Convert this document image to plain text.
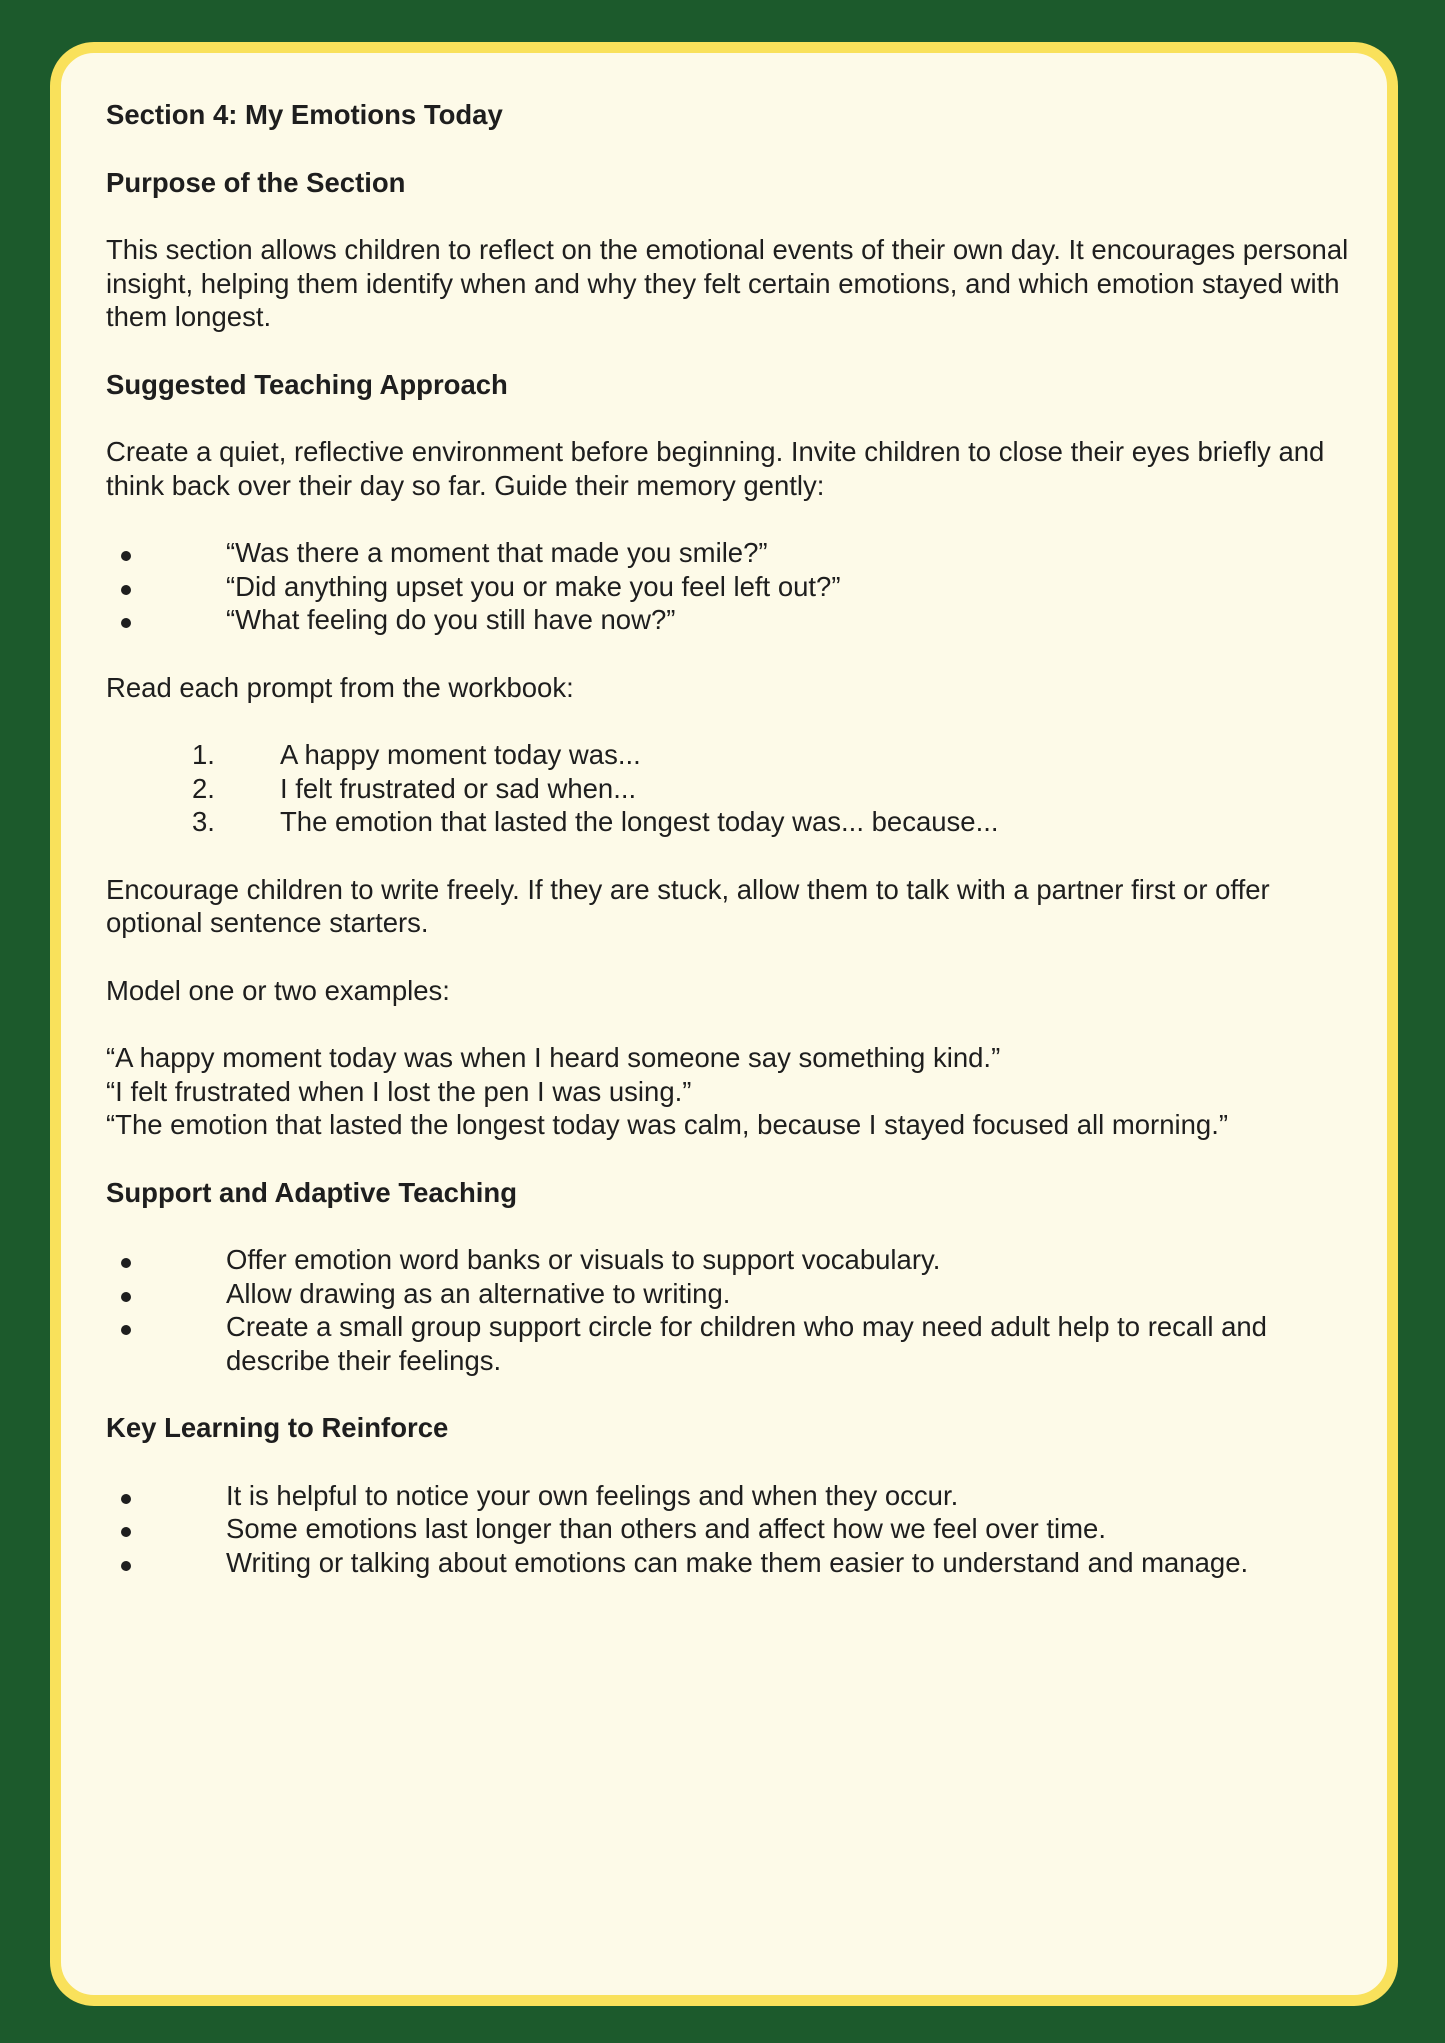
Section 4: My Emotions Today
Purpose of the Section

This section allows children to reflect on the emotional events of their own day. It encourages personal insight, helping them identify when and why they felt certain emotions, and which emotion stayed with them longest.

Suggested Teaching Approach

Create a quiet, reflective environment before beginning. Invite children to close their eyes briefly and think back over their day so far. Guide their memory gently:

“Was there a moment that made you smile?”
“Did anything upset you or make you feel left out?”
“What feeling do you still have now?”

Read each prompt from the workbook:

1.	A happy moment today was...
2.	I felt frustrated or sad when...
3.	The emotion that lasted the longest today was... because...

Encourage children to write freely. If they are stuck, allow them to talk with a partner first or offer optional sentence starters.

Model one or two examples:

“A happy moment today was when I heard someone say something kind.”

“I felt frustrated when I lost the pen I was using.”

“The emotion that lasted the longest today was calm, because I stayed focused all morning.”

Support and Adaptive Teaching
Offer emotion word banks or visuals to support vocabulary.
Allow drawing as an alternative to writing.
Create a small group support circle for children who may need adult help to recall and describe their feelings.
Key Learning to Reinforce
It is helpful to notice your own feelings and when they occur.
Some emotions last longer than others and affect how we feel over time.
Writing or talking about emotions can make them easier to understand and manage.
